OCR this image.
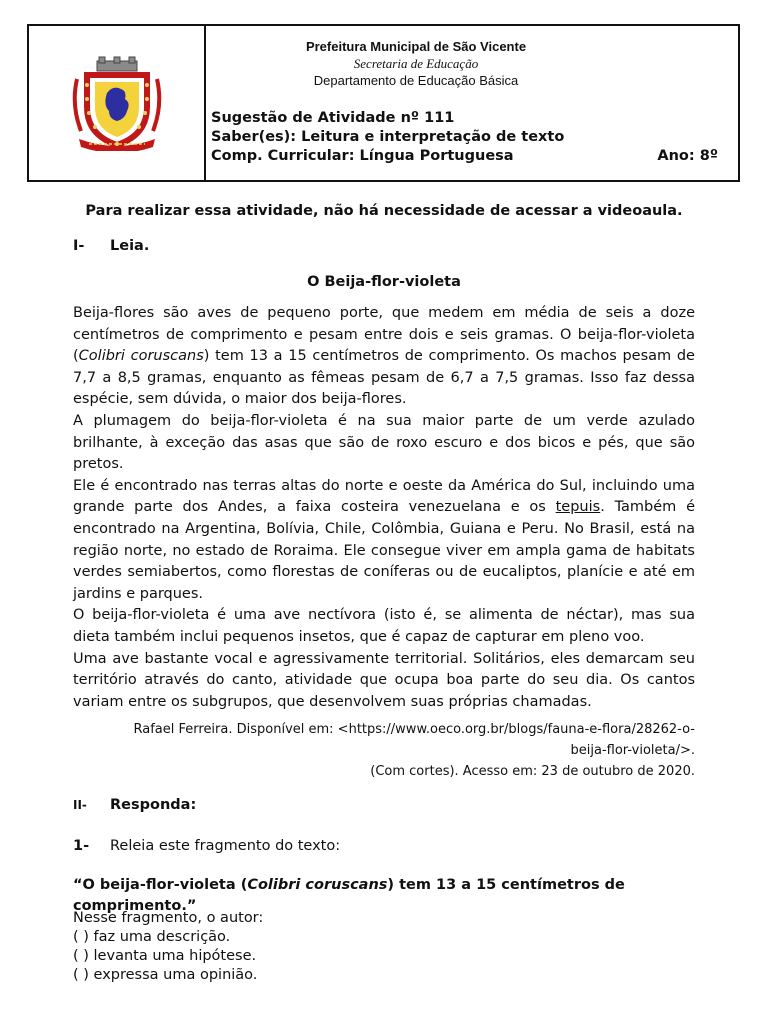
Prefeitura Municipal de São Vicente
Secretaria de Educação
Departamento de Educação Básica
Sugestão de Atividade nº 111
Saber(es): Leitura e interpretação de texto
Comp. Curricular: Língua Portuguesa	Ano: 8º
Para realizar essa atividade, não há necessidade de acessar a videoaula.
I- Leia.
O Beija-flor-violeta

Beija-flores são aves de pequeno porte, que medem em média de seis a doze centímetros de comprimento e pesam entre dois e seis gramas. O beija-flor-violeta (Colibri coruscans) tem 13 a 15 centímetros de comprimento. Os machos pesam de 7,7 a 8,5 gramas, enquanto as fêmeas pesam de 6,7 a 7,5 gramas. Isso faz dessa espécie, sem dúvida, o maior dos beija-flores.

A plumagem do beija-flor-violeta é na sua maior parte de um verde azulado brilhante, à exceção das asas que são de roxo escuro e dos bicos e pés, que são pretos.

Ele é encontrado nas terras altas do norte e oeste da América do Sul, incluindo uma grande parte dos Andes, a faixa costeira venezuelana e os tepuis. Também é encontrado na Argentina, Bolívia, Chile, Colômbia, Guiana e Peru. No Brasil, está na região norte, no estado de Roraima. Ele consegue viver em ampla gama de habitats verdes semiabertos, como florestas de coníferas ou de eucaliptos, planície e até em jardins e parques.

O beija-flor-violeta é uma ave nectívora (isto é, se alimenta de néctar), mas sua dieta também inclui pequenos insetos, que é capaz de capturar em pleno voo.

Uma ave bastante vocal e agressivamente territorial. Solitários, eles demarcam seu território através do canto, atividade que ocupa boa parte do seu dia. Os cantos variam entre os subgrupos, que desenvolvem suas próprias chamadas.

Rafael Ferreira. Disponível em: <https://www.oeco.org.br/blogs/fauna-e-flora/28262-o-
beija-flor-violeta/>.
(Com cortes). Acesso em: 23 de outubro de 2020.
II- Responda:
1- Releia este fragmento do texto:
“O beija-flor-violeta (Colibri coruscans) tem 13 a 15 centímetros de comprimento.”
Nesse fragmento, o autor:
( ) faz uma descrição.
( ) levanta uma hipótese.
( ) expressa uma opinião.
